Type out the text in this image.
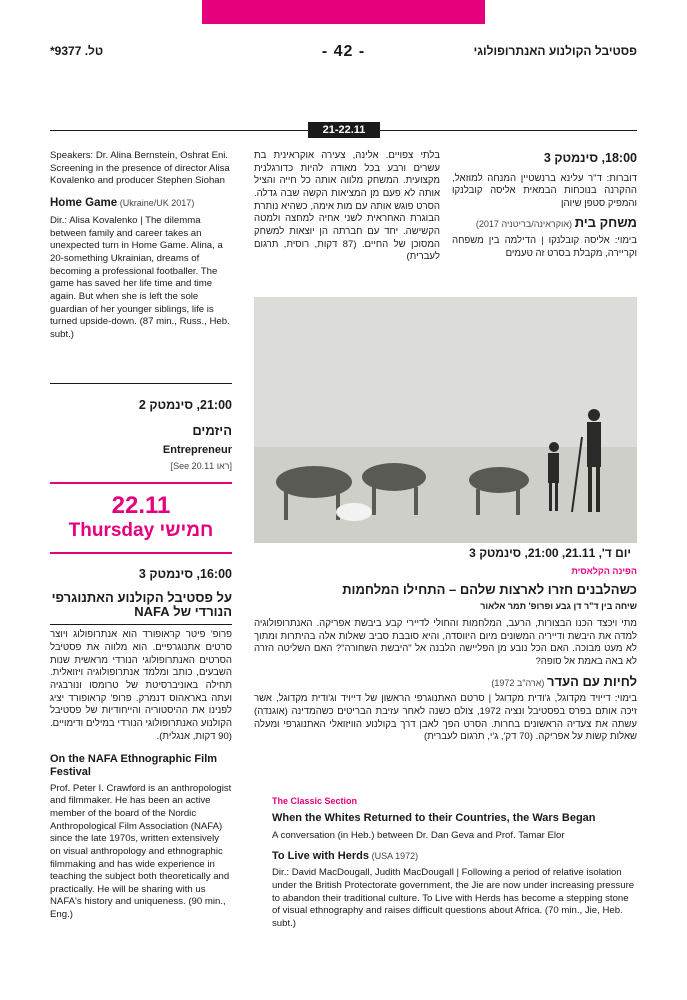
טל. 9377*	- 42 -	פסטיבל הקולנוע האנתרופולוגי
21-22.11
18:00, סינמטק 3

דוברות: ד"ר עלינא ברנשטיין המנחה למוזאל, ההקרנה בנוכחות הבמאית אליסה קובלנקו והמפיק סטפן שיוהן

משחק בית (אוקראינה/בריטניה 2017)

בימוי: אליסה קובלנקו | הדילמה בין משפחה וקריירה, מקבלת בסרט זה טעמים

בלתי צפויים. אלינה, צעירה אוקראינית בת עשרים ורבע בכל מאודה להיות כדורגלנית מקצועית. המשחק מלווה אותה כל חייה והציל אותה לא פעם מן המציאות הקשה שבה גדלה. הסרט פוגש אותה עם מות אימה, כשהיא נותרת הבוגרת האחראית לשני אחיה למחצה ולמטה הקשישה. יחד עם חברתה הן יוצאות למשחק המסוכן של החיים. (87 דקות, רוסית, תרגום לעברית)

Speakers: Dr. Alina Bernstein, Oshrat Eni. Screening in the presence of director Alisa Kovalenko and producer Stephen Siohan

Home Game (Ukraine/UK 2017)

Dir.: Alisa Kovalenko | The dilemma between family and career takes an unexpected turn in Home Game. Alina, a 20-something Ukrainian, dreams of becoming a professional footballer. The game has saved her life time and time again. But when she is left the sole guardian of her younger siblings, life is turned upside-down. (87 min., Russ., Heb. subt.)

21:00, סינמטק 2
היזמים
Entrepreneur
[ראו 20.11 See]
22.11
Thursday חמישי
16:00, סינמטק 3
על פסטיבל הקולנוע האתנוגרפי הנורדי של NAFA

פרופ' פיטר קראופורד הוא אנתרופולוג ויוצר סרטים אתנוגרפיים. הוא מלווה את פסטיבל הסרטים האנתרופולוגי הנורדי מראשית שנות השבעים, כותב ומלמד אנתרופולוגיה ויזואלית. תחילה באוניברסיטת של טרומסו ונורבגיה ועתה באראהוס דנמרק. פרופ' קראופורד יציג לפנינו את ההיסטוריה והייחודיות של פסטיבל הקולנוע האנתרופולוגי הנורדי במילים ודימויים. (90 דקות, אנגלית).

On the NAFA Ethnographic Film Festival

Prof. Peter I. Crawford is an anthropologist and filmmaker. He has been an active member of the board of the Nordic Anthropological Film Association (NAFA) since the late 1970s, written extensively on visual anthropology and ethnographic filmmaking and has wide experience in teaching the subject both theoretically and practically. He will be sharing with us NAFA's history and uniqueness. (90 min., Eng.)

יום ד', 21.11, 21:00, סינמטק 3
הפינה הקלאסית
כשהלבנים חזרו לארצות שלהם – התחילו המלחמות
שיחה בין ד"ר דן גבע ופרופ' תמר אלאור

מתי ויכצד הכנו הבצורות, הרעב, המלחמות והחולי לדיירי קבע ביבשת אפריקה. האנתרופולוגיה למדה את היבשת ודייריה המשונים מיום היווסדה, והיא סובבת סביב שאלות אלה בהיתרות ומתוך לא מעט מבוכה. האם הכל נובע מן הפליישה הלבנה אל "היבשת השחורה"? האם השליטה הזרה לא באה באמת אל סופה?

לחיות עם העדר (ארה"ב 1972)

בימוי: דייויד מקדוגל, ג'ודית מקדוגל | סרטם האתנוגרפי הראשון של דייויד וג'ודית מקדוגל, אשר זיכה אותם בפרס בפסטיבל ונציה 1972, צולם כשנה לאחר עזיבת הבריטים כשהמדינה (אוגנדה) עשתה את צעדיה הראשונים בחרות. הסרט הפך לאבן דרך בקולנוע הוויזואלי האתנוגרפי ומעלה שאלות קשות על אפריקה. (70 דק', ג'י, תרגום לעברית)

The Classic Section
When the Whites Returned to their Countries, the Wars Began
A conversation (in Heb.) between Dr. Dan Geva and Prof. Tamar Elor
To Live with Herds (USA 1972)

Dir.: David MacDougall, Judith MacDougall | Following a period of relative isolation under the British Protectorate government, the Jie are now under increasing pressure to abandon their traditional culture. To Live with Herds has become a stepping stone of visual ethnography and raises difficult questions about Africa. (70 min., Jie, Heb. subt.)
